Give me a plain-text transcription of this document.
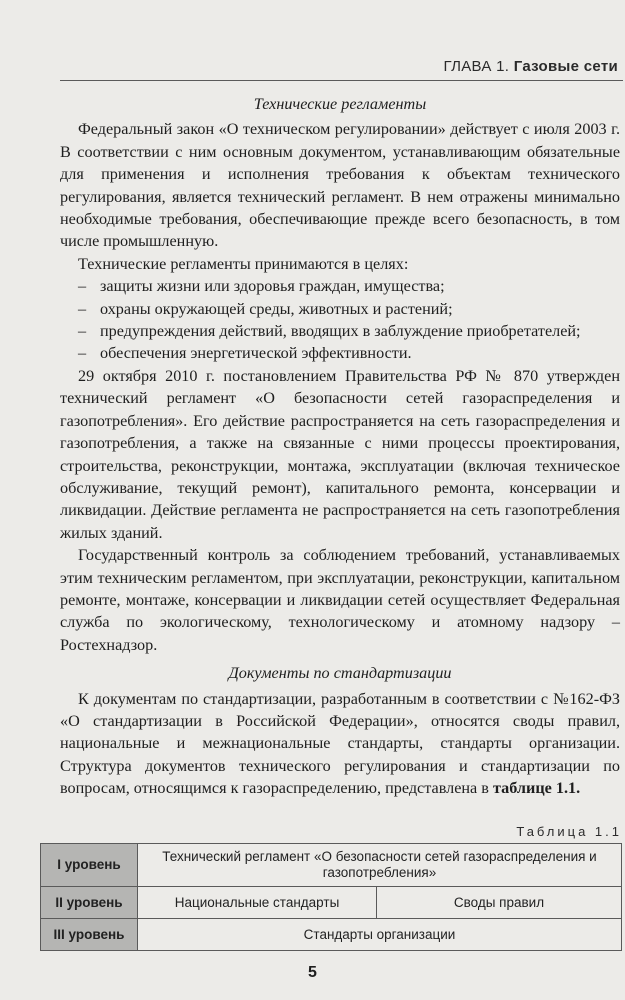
ГЛАВА 1. Газовые сети

Технические регламенты

Федеральный закон «О техническом регулировании» действует с июля 2003 г. В соответствии с ним основным документом, устанавливающим обязательные для применения и исполнения требования к объектам технического регулирования, является технический регламент. В нем отражены минимально необходимые требования, обеспечивающие прежде всего безопасность, в том числе промышленную.

Технические регламенты принимаются в целях:

– защиты жизни или здоровья граждан, имущества;
– охраны окружающей среды, животных и растений;
– предупреждения действий, вводящих в заблуждение приобретателей;
– обеспечения энергетической эффективности.

29 октября 2010 г. постановлением Правительства РФ № 870 утвержден технический регламент «О безопасности сетей газораспределения и газопотребления». Его действие распространяется на сеть газораспределения и газопотребления, а также на связанные с ними процессы проектирования, строительства, реконструкции, монтажа, эксплуатации (включая техническое обслуживание, текущий ремонт), капитального ремонта, консервации и ликвидации. Действие регламента не распространяется на сеть газопотребления жилых зданий.

Государственный контроль за соблюдением требований, устанавливаемых этим техническим регламентом, при эксплуатации, реконструкции, капитальном ремонте, монтаже, консервации и ликвидации сетей осуществляет Федеральная служба по экологическому, технологическому и атомному надзору – Ростехнадзор.

Документы по стандартизации

К документам по стандартизации, разработанным в соответствии с №162-ФЗ «О стандартизации в Российской Федерации», относятся своды правил, национальные и межнациональные стандарты, стандарты организации. Структура документов технического регулирования и стандартизации по вопросам, относящимся к газораспределению, представлена в таблице 1.1.

Таблица 1.1
I уровень	Технический регламент «О безопасности сетей газораспределения и газопотребления»	
II уровень	Национальные стандарты	Своды правил
III уровень	Стандарты организации	
5
